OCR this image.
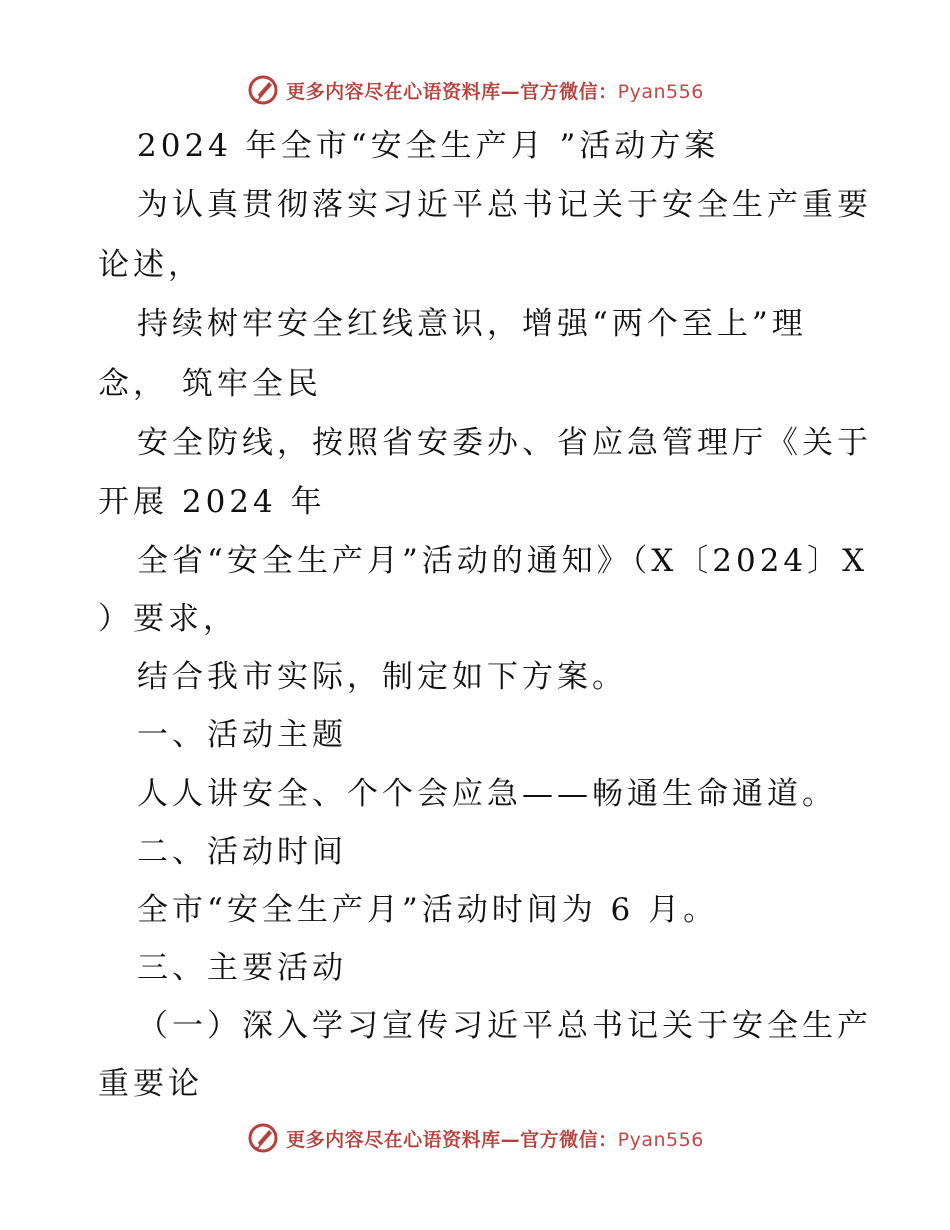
更多内容尽在心语资料库—官方微信：Pyan556
2024 年全市“安全生产月 ”活动方案
为认真贯彻落实习近平总书记关于安全生产重要
论述，
持续树牢安全红线意识，增强“两个至上”理
念， 筑牢全民
安全防线，按照省安委办、省应急管理厅《关于
开展 2024 年
全省“安全生产月”活动的通知》（X〔2024〕X
）要求，
结合我市实际，制定如下方案。
一、活动主题
人人讲安全、个个会应急——畅通生命通道。
二、活动时间
全市“安全生产月”活动时间为 6 月。
三、主要活动
（一）深入学习宣传习近平总书记关于安全生产
重要论
更多内容尽在心语资料库—官方微信：Pyan556
